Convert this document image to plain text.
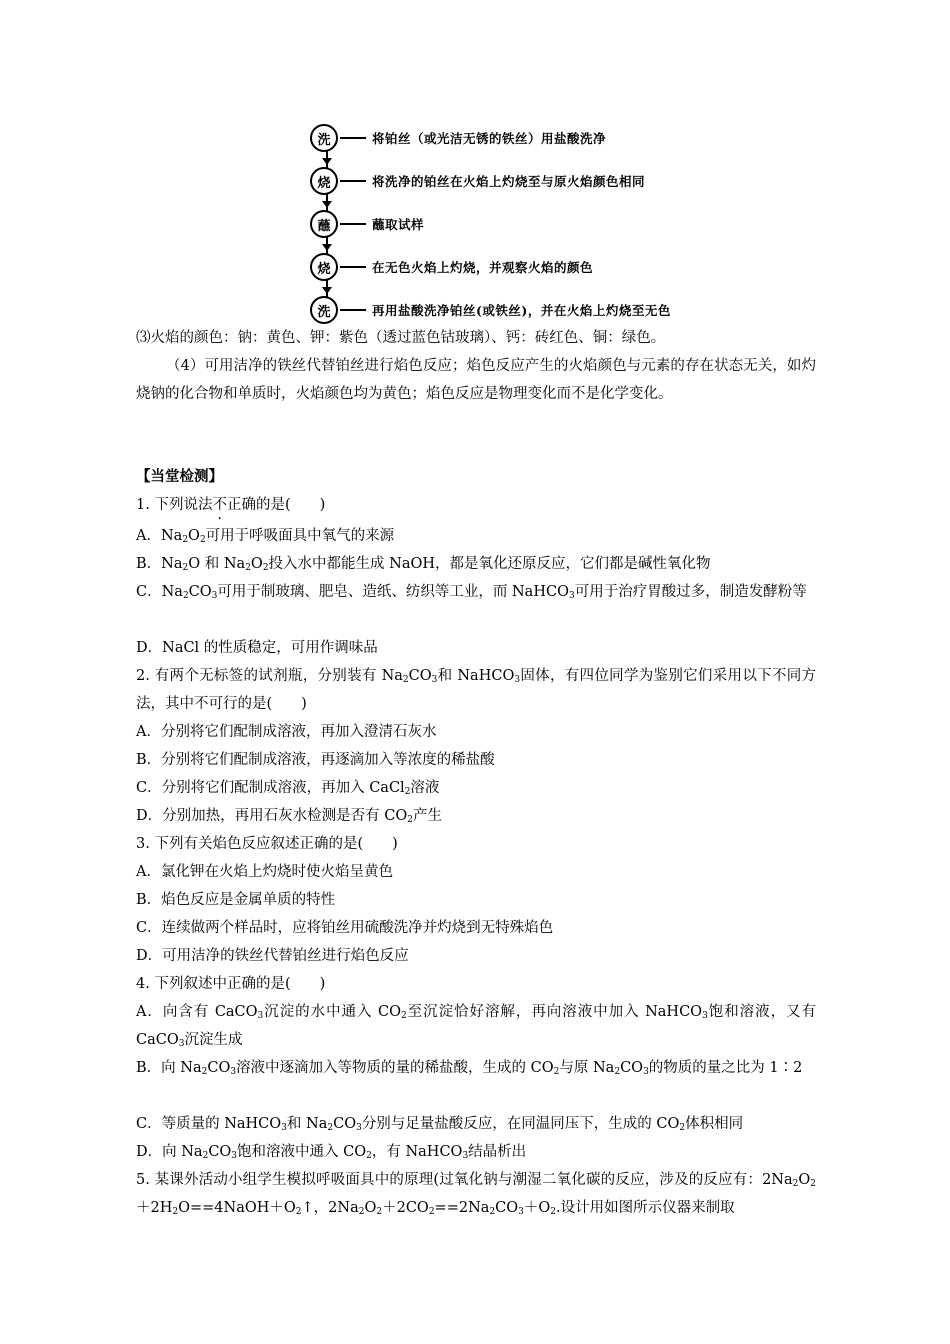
洗	将铂丝（或光洁无锈的铁丝）用盐酸洗净
烧	将洗净的铂丝在火焰上灼烧至与原火焰颜色相同
蘸	蘸取试样
烧	在无色火焰上灼烧，并观察火焰的颜色
洗	再用盐酸洗净铂丝(或铁丝)，并在火焰上灼烧至无色
⑶火焰的颜色：钠：黄色、钾：紫色（透过蓝色钴玻璃）、钙：砖红色、铜：绿色。
（4）可用洁净的铁丝代替铂丝进行焰色反应；焰色反应产生的火焰颜色与元素的存在状态无关，如灼烧钠的化合物和单质时，火焰颜色均为黄色；焰色反应是物理变化而不是化学变化。
【当堂检测】
1. 下列说法不正确的是(　　)
A．$Na_2O_2$可用于呼吸面具中氧气的来源
B．$Na_2O$ 和 $Na_2O_2$投入水中都能生成 NaOH，都是氧化还原反应，它们都是碱性氧化物
C．$Na_2CO_3$可用于制玻璃、肥皂、造纸、纺织等工业，而 NaHCO$_3$可用于治疗胃酸过多，制造发酵粉等
D．NaCl 的性质稳定，可用作调味品
2. 有两个无标签的试剂瓶，分别装有 $Na_2CO_3$和 NaHCO$_3$固体，有四位同学为鉴别它们采用以下不同方法，其中不可行的是(　　)
A．分别将它们配制成溶液，再加入澄清石灰水
B．分别将它们配制成溶液，再逐滴加入等浓度的稀盐酸
C．分别将它们配制成溶液，再加入 CaCl$_2$溶液
D．分别加热，再用石灰水检测是否有 $CO_2$产生
3. 下列有关焰色反应叙述正确的是(　　)
A．氯化钾在火焰上灼烧时使火焰呈黄色
B．焰色反应是金属单质的特性
C．连续做两个样品时，应将铂丝用硫酸洗净并灼烧到无特殊焰色
D．可用洁净的铁丝代替铂丝进行焰色反应
4. 下列叙述中正确的是(　　)
A．向含有 CaCO$_3$沉淀的水中通入 $CO_2$至沉淀恰好溶解，再向溶液中加入 NaHCO$_3$饱和溶液，又有 CaCO$_3$沉淀生成
B．向 $Na_2CO_3$溶液中逐滴加入等物质的量的稀盐酸，生成的 $CO_2$与原 $Na_2CO_3$的物质的量之比为 1∶2
C．等质量的 NaHCO$_3$和 $Na_2CO_3$分别与足量盐酸反应，在同温同压下，生成的 $CO_2$体积相同
D．向 $Na_2CO_3$饱和溶液中通入 $CO_2$，有 NaHCO$_3$结晶析出
5. 某课外活动小组学生模拟呼吸面具中的原理(过氧化钠与潮湿二氧化碳的反应，涉及的反应有：$2Na_2O_2+2H_2O==4NaOH+O_2↑$，$2Na_2O_2+2CO_2==2Na_2CO_3+O_2$.设计用如图所示仪器来制取
